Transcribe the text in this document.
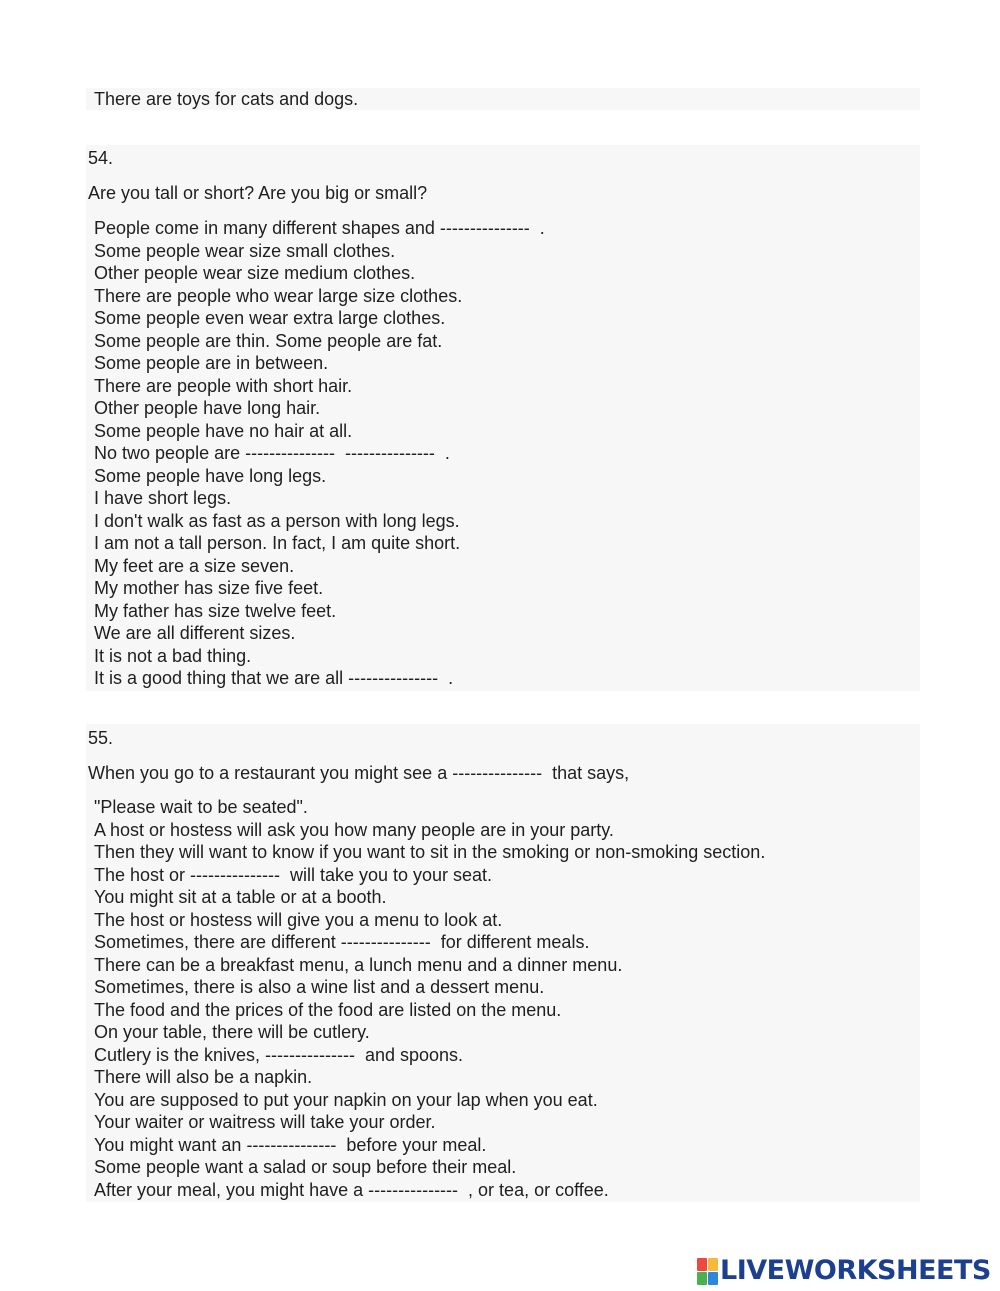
There are toys for cats and dogs.
54.
Are you tall or short? Are you big or small?
People come in many different shapes and ---------------  .
Some people wear size small clothes.
Other people wear size medium clothes.
There are people who wear large size clothes.
Some people even wear extra large clothes.
Some people are thin. Some people are fat.
Some people are in between.
There are people with short hair.
Other people have long hair.
Some people have no hair at all.
No two people are ---------------  ---------------  .
Some people have long legs.
I have short legs.
I don't walk as fast as a person with long legs.
I am not a tall person. In fact, I am quite short.
My feet are a size seven.
My mother has size five feet.
My father has size twelve feet.
We are all different sizes.
It is not a bad thing.
It is a good thing that we are all ---------------  .
55.
When you go to a restaurant you might see a ---------------  that says,
"Please wait to be seated".
A host or hostess will ask you how many people are in your party.
Then they will want to know if you want to sit in the smoking or non-smoking section.
The host or ---------------  will take you to your seat.
You might sit at a table or at a booth.
The host or hostess will give you a menu to look at.
Sometimes, there are different ---------------  for different meals.
There can be a breakfast menu, a lunch menu and a dinner menu.
Sometimes, there is also a wine list and a dessert menu.
The food and the prices of the food are listed on the menu.
On your table, there will be cutlery.
Cutlery is the knives, ---------------  and spoons.
There will also be a napkin.
You are supposed to put your napkin on your lap when you eat.
Your waiter or waitress will take your order.
You might want an ---------------  before your meal.
Some people want a salad or soup before their meal.
After your meal, you might have a ---------------  , or tea, or coffee.
LIVEWORKSHEETS
